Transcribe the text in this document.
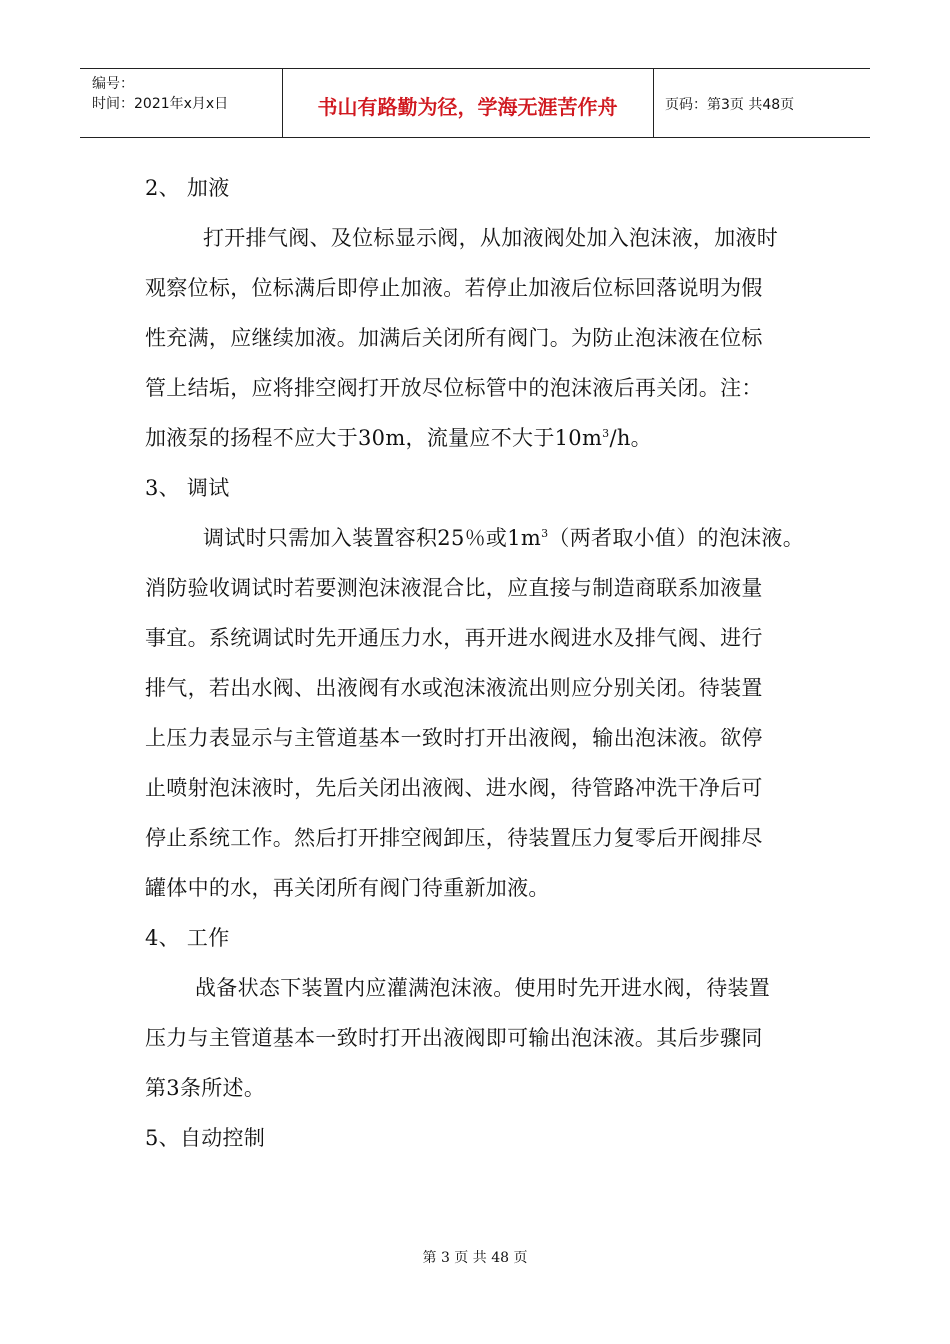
编号：
时间：2021年x月x日	书山有路勤为径，学海无涯苦作舟	页码：第3页 共48页
2、 加液
打开排气阀、及位标显示阀，从加液阀处加入泡沫液，加液时
观察位标，位标满后即停止加液。若停止加液后位标回落说明为假
性充满，应继续加液。加满后关闭所有阀门。为防止泡沫液在位标
管上结垢，应将排空阀打开放尽位标管中的泡沫液后再关闭。注：
加液泵的扬程不应大于30m，流量应不大于$10m^3/h$。
3、 调试
调试时只需加入装置容积25％或$1m^3$（两者取小值）的泡沫液。
消防验收调试时若要测泡沫液混合比，应直接与制造商联系加液量
事宜。系统调试时先开通压力水，再开进水阀进水及排气阀、进行
排气，若出水阀、出液阀有水或泡沫液流出则应分别关闭。待装置
上压力表显示与主管道基本一致时打开出液阀，输出泡沫液。欲停
止喷射泡沫液时，先后关闭出液阀、进水阀，待管路冲洗干净后可
停止系统工作。然后打开排空阀卸压，待装置压力复零后开阀排尽
罐体中的水，再关闭所有阀门待重新加液。
4、 工作
战备状态下装置内应灌满泡沫液。使用时先开进水阀，待装置
压力与主管道基本一致时打开出液阀即可输出泡沫液。其后步骤同
第3条所述。
5、自动控制
第 3 页 共 48 页
